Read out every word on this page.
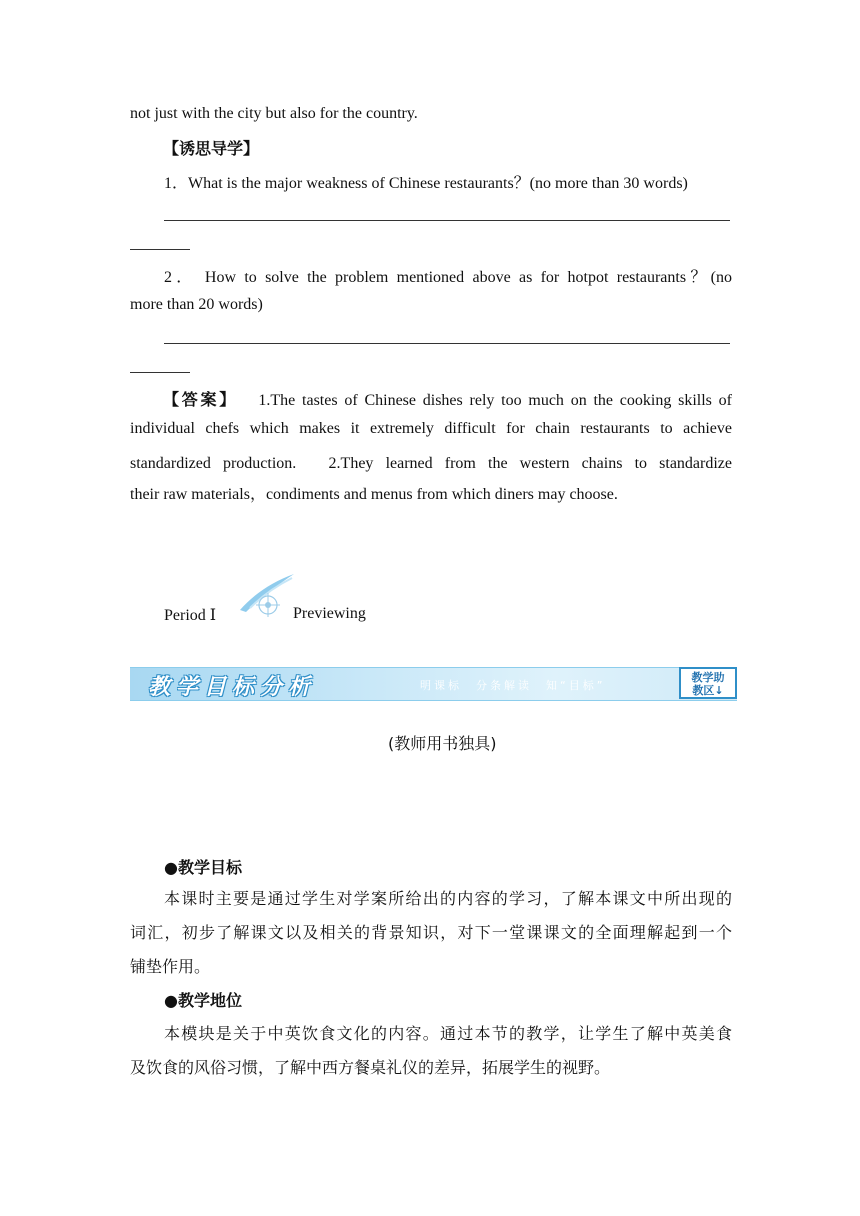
not just with the city but also for the country.
【诱思导学】
1．What is the major weakness of Chinese restaurants？(no more than 30 words)
2． How to solve the problem mentioned above as for hotpot restaurants？(no
more than 20 words)
【答案】 1.The tastes of Chinese dishes rely too much on the cooking skills of
individual chefs which makes it extremely difficult for chain restaurants to achieve
standardized production.　2.They learned from the western chains to standardize
their raw materials，condiments and menus from which diners may choose.
Period Ⅰ	Previewing
教学目标分析	明课标　分条解读　知“目标”
教学助
教区↓
(教师用书独具)
●教学目标
本课时主要是通过学生对学案所给出的内容的学习，了解本课文中所出现的
词汇，初步了解课文以及相关的背景知识，对下一堂课课文的全面理解起到一个
铺垫作用。
●教学地位
本模块是关于中英饮食文化的内容。通过本节的教学，让学生了解中英美食
及饮食的风俗习惯，了解中西方餐桌礼仪的差异，拓展学生的视野。
